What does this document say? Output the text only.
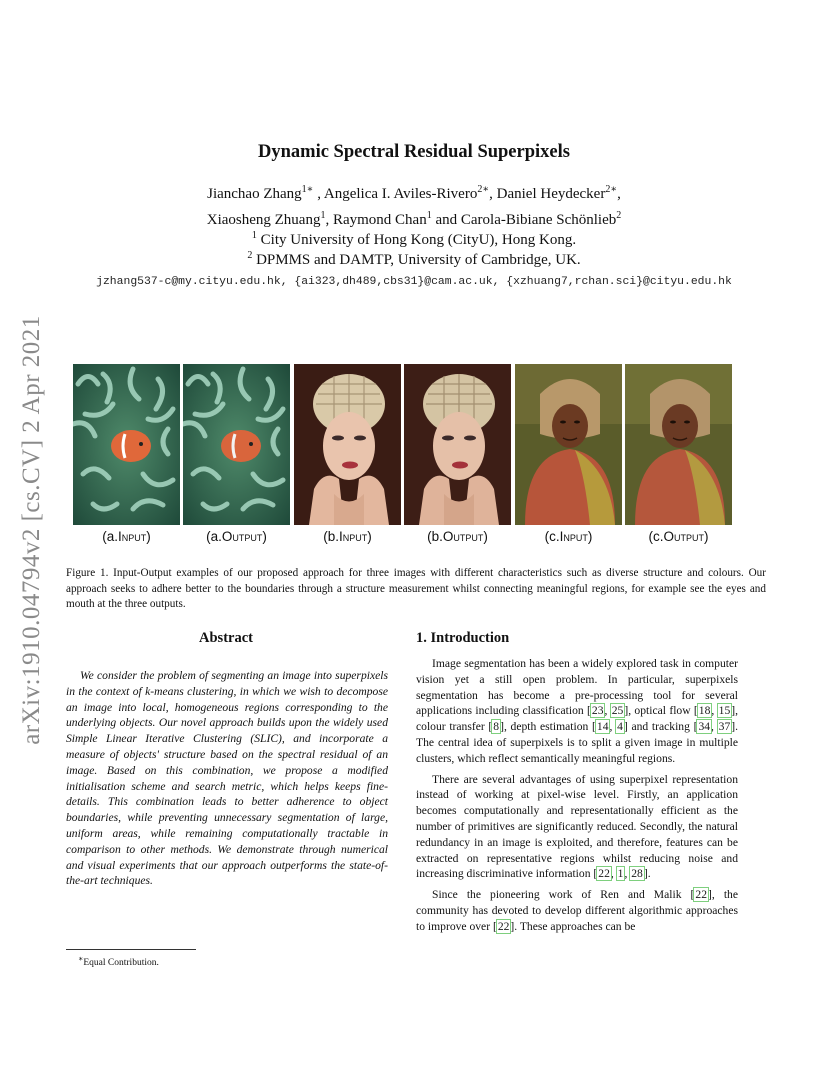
arXiv:1910.04794v2 [cs.CV] 2 Apr 2021
Dynamic Spectral Residual Superpixels
Jianchao Zhang$^{1∗}$ , Angelica I. Aviles-Rivero$^{2∗}$, Daniel Heydecker$^{2∗}$,
Xiaosheng Zhuang$^1$, Raymond Chan$^1$ and Carola-Bibiane Schönlieb$^2$
$^1$ City University of Hong Kong (CityU), Hong Kong.
$^2$ DPMMS and DAMTP, University of Cambridge, UK.
jzhang537-c@my.cityu.edu.hk, {ai323,dh489,cbs31}@cam.ac.uk, {xzhuang7,rchan.sci}@cityu.edu.hk
(a.Input)	(a.Output)	(b.Input)	(b.Output)	(c.Input)	(c.Output)
Figure 1. Input-Output examples of our proposed approach for three images with different characteristics such as diverse structure and colours. Our approach seeks to adhere better to the boundaries through a structure measurement whilst connecting meaningful regions, for example see the eyes and mouth at the three outputs.
Abstract	1. Introduction
We consider the problem of segmenting an image into superpixels in the context of k-means clustering, in which we wish to decompose an image into local, homogeneous regions corresponding to the underlying objects. Our novel approach builds upon the widely used Simple Linear Iterative Clustering (SLIC), and incorporate a measure of objects' structure based on the spectral residual of an image. Based on this combination, we propose a modified initialisation scheme and search metric, which helps keeps fine-details. This combination leads to better adherence to object boundaries, while preventing unnecessary segmentation of large, uniform areas, while remaining computationally tractable in comparison to other methods. We demonstrate through numerical and visual experiments that our approach outperforms the state-of-the-art techniques.

Image segmentation has been a widely explored task in computer vision yet a still open problem. In particular, superpixels segmentation has become a pre-processing tool for several applications including classification [23, 25], optical flow [18, 15], colour transfer [8], depth estimation [14, 4] and tracking [34, 37]. The central idea of superpixels is to split a given image in multiple clusters, which reflect semantically meaningful regions.

There are several advantages of using superpixel representation instead of working at pixel-wise level. Firstly, an application becomes computationally and representationally efficient as the number of primitives are significantly reduced. Secondly, the natural redundancy in an image is exploited, and therefore, features can be extracted on representative regions whilst reducing noise and increasing discriminative information [22, 1, 28].

Since the pioneering work of Ren and Malik [22], the community has devoted to develop different algorithmic approaches to improve over [22]. These approaches can be

∗Equal Contribution.
